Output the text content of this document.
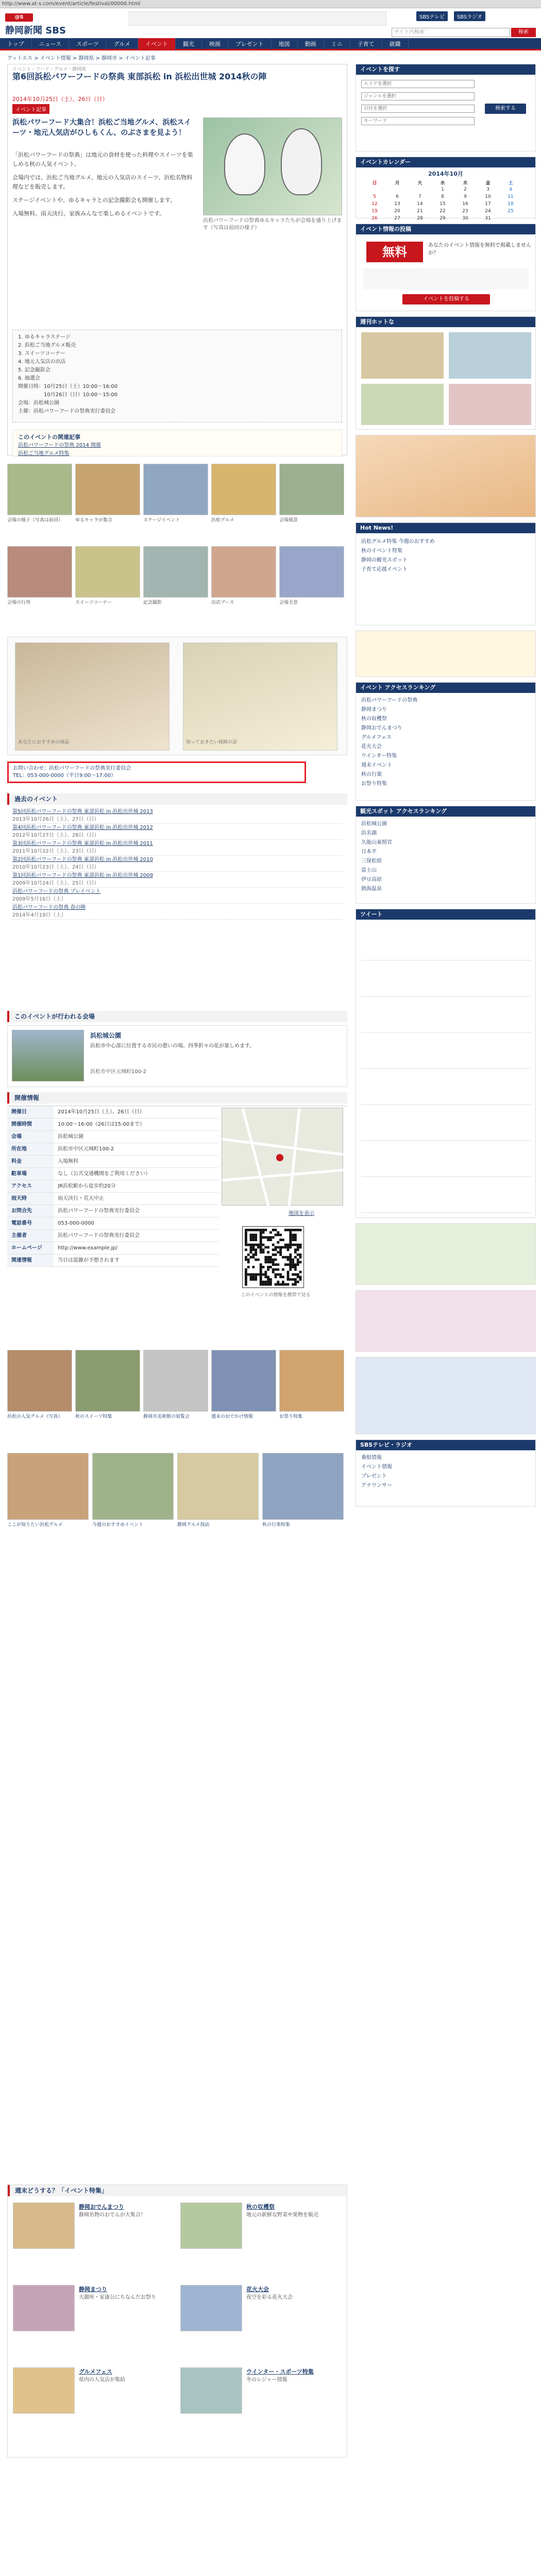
http://www.at-s.com/event/article/festival/00000.html
@S
静岡新聞 SBS
SBSテレビ SBSラジオ
サイト内検索	検索
トップ	ニュース	スポーツ	グルメ	イベント	観光	映画	プレゼント	地図	動画	ミニ	子育て	就職
アットエス > イベント情報 > 静岡県 > 静岡市 > イベント記事
イベント・フード・グルメ・静岡県
第6回浜松パワーフードの祭典 東部浜松 in 浜松出世城 2014秋の陣
2014年10月25日（土）、26日（日）
イベント記事
浜松パワーフード大集合！浜松ご当地グルメ、浜松スイーツ・地元人気店がひしもくん、のぶさまを見よう！

「浜松パワーフードの祭典」は地元の食材を使った料理やスイーツを楽しめる秋の人気イベント。

会場内では、浜松ご当地グルメ、地元の人気店のスイーツ、浜松名物料理などを販売します。

ステージイベントや、ゆるキャラとの記念撮影会も開催します。

入場無料。雨天決行。家族みんなで楽しめるイベントです。

浜松パワーフードの祭典ゆるキャラたちが会場を盛り上げます（写真は前回の様子）
1. ゆるキャラステージ
2. 浜松ご当地グルメ販売
3. スイーツコーナー
4. 地元人気店の出店
5. 記念撮影会
6. 抽選会
開催日時：10月25日（土）10:00〜16:00
　　　　　10月26日（日）10:00〜15:00
会場：浜松城公園
主催：浜松パワーフードの祭典実行委員会
このイベントの関連記事
浜松パワーフードの祭典 2014 開催
浜松ご当地グルメ特集
会場の様子（写真は前回）	ゆるキャラが集合	ステージイベント	浜松グルメ	会場風景
会場の行列	スイーツコーナー	記念撮影	出店ブース	会場全景
あなたにおすすめの商品	知っておきたい保険の話
お問い合わせ：浜松パワーフードの祭典実行委員会
TEL：053-000-0000（平日9:00〜17:00）
過去のイベント
第5回浜松パワーフードの祭典 東部浜松 in 浜松出世城 2013
2013年10月26日（土）、27日（日）
第4回浜松パワーフードの祭典 東部浜松 in 浜松出世城 2012
2012年10月27日（土）、28日（日）
第3回浜松パワーフードの祭典 東部浜松 in 浜松出世城 2011
2011年10月22日（土）、23日（日）
第2回浜松パワーフードの祭典 東部浜松 in 浜松出世城 2010
2010年10月23日（土）、24日（日）
第1回浜松パワーフードの祭典 東部浜松 in 浜松出世城 2009
2009年10月24日（土）、25日（日）
浜松パワーフードの祭典 プレイベント
2009年5月16日（土）
浜松パワーフードの祭典 春の陣
2014年4月19日（土）
このイベントが行われる会場
浜松城公園
浜松市中心部に位置する市民の憩いの場。四季折々の花が楽しめます。
浜松市中区元城町100-2
開催情報
開催日	2014年10月25日（土）、26日（日）
開催時間	10:00〜16:00（26日は15:00まで）
会場	浜松城公園
所在地	浜松市中区元城町100-2
料金	入場無料
駐車場	なし（公共交通機関をご利用ください）
アクセス	JR浜松駅から徒歩約20分
雨天時	雨天決行・荒天中止
お問合先	浜松パワーフードの祭典実行委員会
電話番号	053-000-0000
主催者	浜松パワーフードの祭典実行委員会
ホームページ	http://www.example.jp/
関連情報	当日は混雑が予想されます
地図を表示
このイベントの情報を携帯で見る
浜松の人気グルメ（写真）	秋のスイーツ特集	静岡市美術館の展覧会	週末のおでかけ情報	お祭り特集
ここが知りたい浜松グルメ	今週のおすすめイベント	静岡グルメ探訪	秋の行楽特集
週末どうする？「イベント特集」
静岡おでんまつり
静岡名物のおでんが大集合！
秋の収穫祭
地元の新鮮な野菜や果物を販売
静岡まつり
大御所・家康公にちなんだお祭り
花火大会
夜空を彩る花火大会
グルメフェス
県内の人気店が集結
ウインター・スポーツ特集
冬のレジャー情報
イベントを探す
エリアを選択
ジャンルを選択
日付を選択
キーワード
検索する
イベントカレンダー
2014年10月
日	月	火	水	木	金	土
			1	2	3	4
5	6	7	8	9	10	11
12	13	14	15	16	17	18
19	20	21	22	23	24	25
26	27	28	29	30	31	
イベント情報の投稿
無料	あなたのイベント情報を無料で掲載しませんか？
イベントを投稿する
週刊ホットな
Hot News!
浜松グルメ特集 今週のおすすめ
秋のイベント特集
静岡の観光スポット
子育て応援イベント
イベント アクセスランキング
浜松パワーフードの祭典
静岡まつり
秋の収穫祭
静岡おでんまつり
グルメフェス
花火大会
ウインター特集
週末イベント
秋の行楽
お祭り特集
観光スポット アクセスランキング
浜松城公園
浜名湖
久能山東照宮
日本平
三保松原
富士山
伊豆高原
熱海温泉
ツイート
SBSテレビ・ラジオ
番組情報
イベント情報
プレゼント
アナウンサー
